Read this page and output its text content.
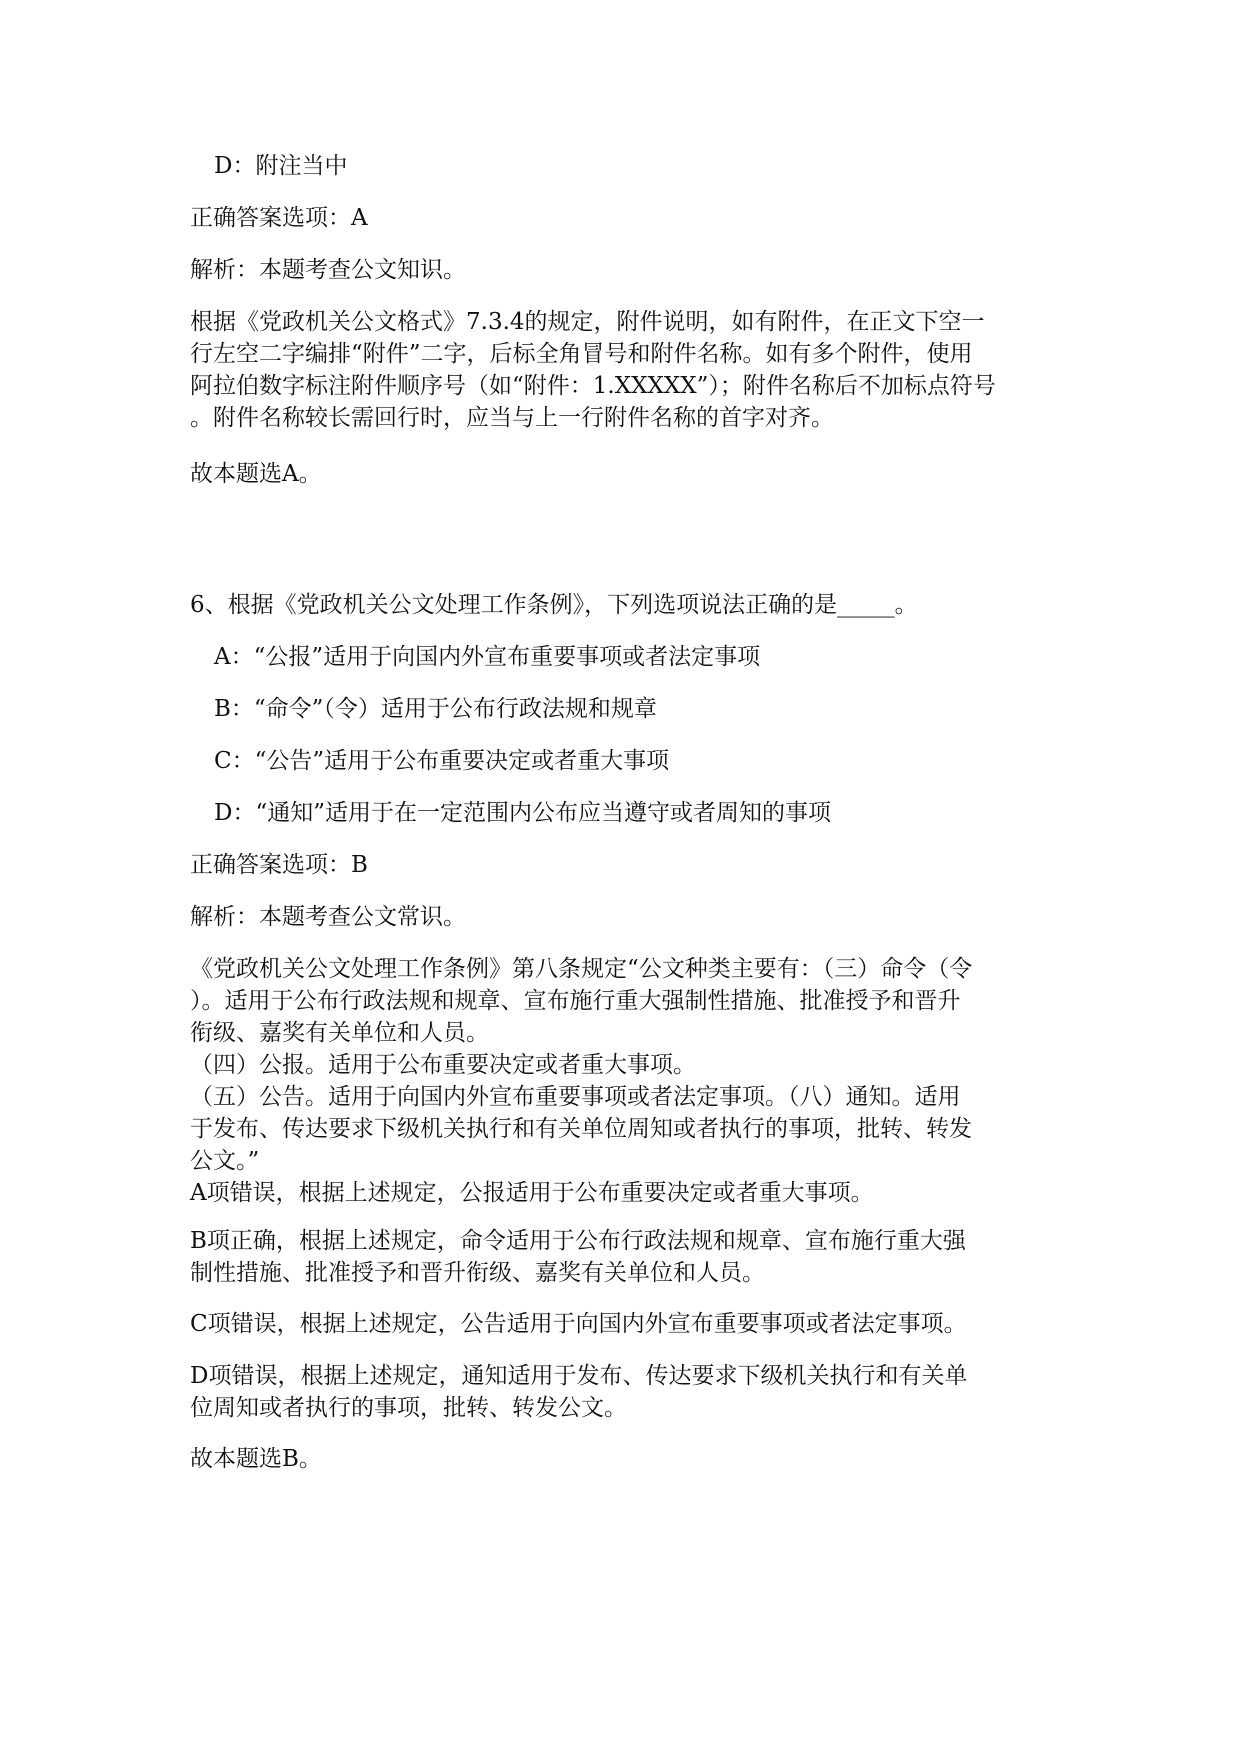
D：附注当中
正确答案选项：A
解析：本题考查公文知识。
根据《党政机关公文格式》7.3.4的规定，附件说明，如有附件，在正文下空一
行左空二字编排“附件”二字，后标全角冒号和附件名称。如有多个附件，使用
阿拉伯数字标注附件顺序号（如“附件：1.XXXXX”）；附件名称后不加标点符号
。附件名称较长需回行时，应当与上一行附件名称的首字对齐。
故本题选A。
6、根据《党政机关公文处理工作条例》，下列选项说法正确的是_____。
A：“公报”适用于向国内外宣布重要事项或者法定事项
B：“命令”（令）适用于公布行政法规和规章
C：“公告”适用于公布重要决定或者重大事项
D：“通知”适用于在一定范围内公布应当遵守或者周知的事项
正确答案选项：B
解析：本题考查公文常识。
《党政机关公文处理工作条例》第八条规定“公文种类主要有：（三）命令（令
）。适用于公布行政法规和规章、宣布施行重大强制性措施、批准授予和晋升
衔级、嘉奖有关单位和人员。
（四）公报。适用于公布重要决定或者重大事项。
（五）公告。适用于向国内外宣布重要事项或者法定事项。（八）通知。适用
于发布、传达要求下级机关执行和有关单位周知或者执行的事项，批转、转发
公文。”
A项错误，根据上述规定，公报适用于公布重要决定或者重大事项。
B项正确，根据上述规定，命令适用于公布行政法规和规章、宣布施行重大强
制性措施、批准授予和晋升衔级、嘉奖有关单位和人员。
C项错误，根据上述规定，公告适用于向国内外宣布重要事项或者法定事项。
D项错误，根据上述规定，通知适用于发布、传达要求下级机关执行和有关单
位周知或者执行的事项，批转、转发公文。
故本题选B。
